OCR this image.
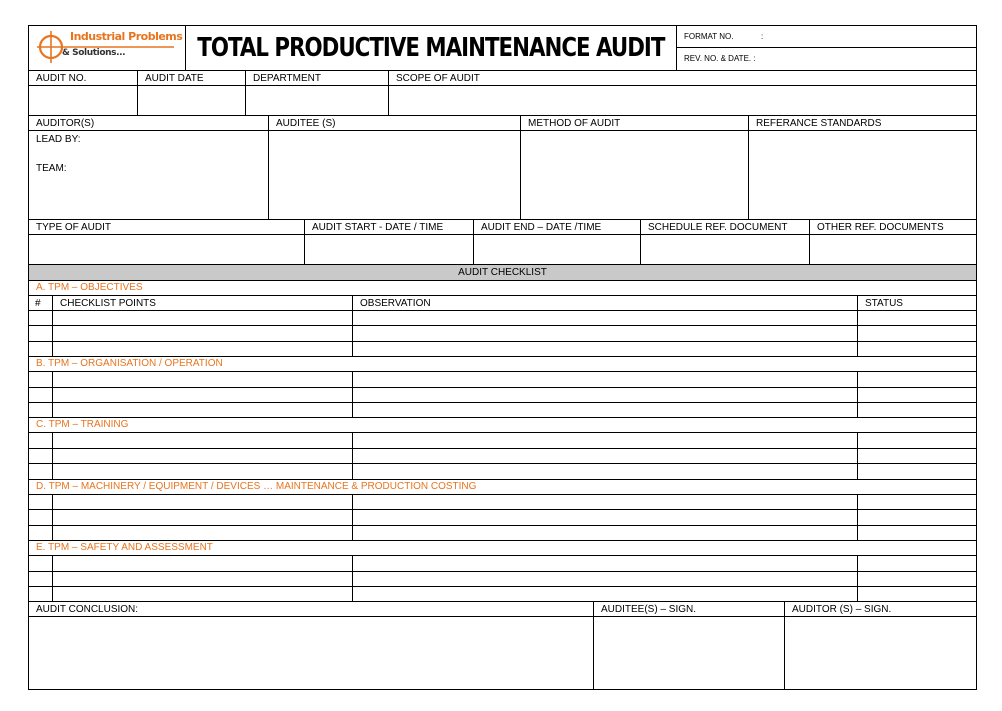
Industrial Problems
& Solutions...	TOTAL PRODUCTIVE MAINTENANCE AUDIT FORMAT NO.	:
REV. NO. & DATE. :
AUDIT NO.	AUDIT DATE	DEPARTMENT	SCOPE OF AUDIT
AUDITOR(S)	AUDITEE (S)	METHOD OF AUDIT	REFERANCE STANDARDS
LEAD BY:
TEAM:
TYPE OF AUDIT	AUDIT START - DATE / TIME	AUDIT END – DATE /TIME	SCHEDULE REF. DOCUMENT	OTHER REF. DOCUMENTS
AUDIT CHECKLIST
A. TPM – OBJECTIVES
#	CHECKLIST POINTS	OBSERVATION	STATUS
B. TPM – ORGANISATION / OPERATION
C. TPM – TRAINING
D. TPM – MACHINERY / EQUIPMENT / DEVICES … MAINTENANCE & PRODUCTION COSTING
E. TPM – SAFETY AND ASSESSMENT
AUDIT CONCLUSION:	AUDITEE(S) – SIGN.	AUDITOR (S) – SIGN.
